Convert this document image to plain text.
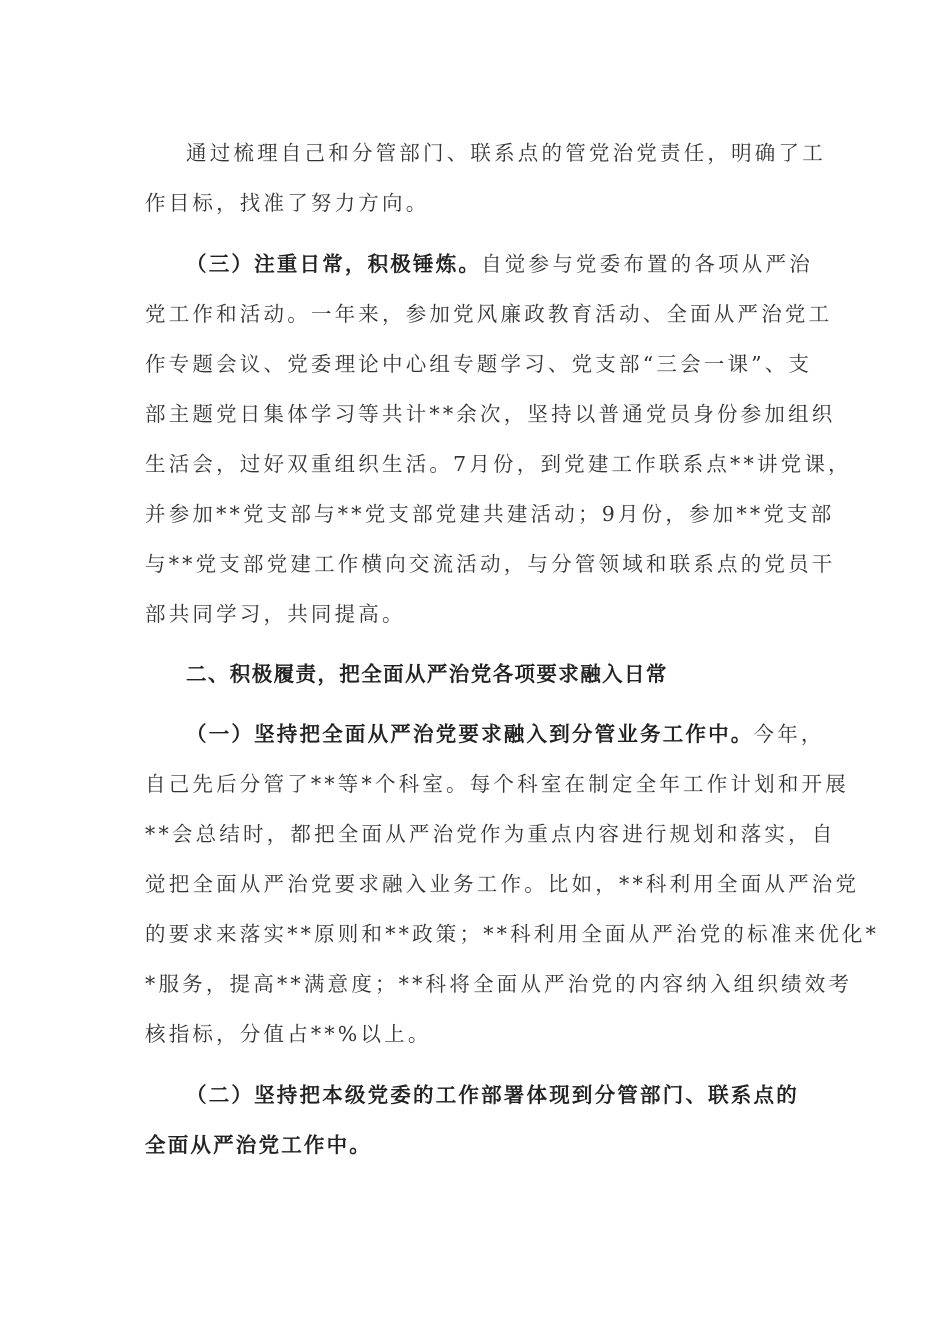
通过梳理自己和分管部门、联系点的管党治党责任，明确了工
作目标，找准了努力方向。
（三）注重日常，积极锤炼。自觉参与党委布置的各项从严治
党工作和活动。一年来，参加党风廉政教育活动、全面从严治党工
作专题会议、党委理论中心组专题学习、党支部“三会一课”、支
部主题党日集体学习等共计**余次，坚持以普通党员身份参加组织
生活会，过好双重组织生活。7月份，到党建工作联系点**讲党课，
并参加**党支部与**党支部党建共建活动；9月份，参加**党支部
与**党支部党建工作横向交流活动，与分管领域和联系点的党员干
部共同学习，共同提高。
二、积极履责，把全面从严治党各项要求融入日常
（一）坚持把全面从严治党要求融入到分管业务工作中。今年，
自己先后分管了**等*个科室。每个科室在制定全年工作计划和开展
**会总结时，都把全面从严治党作为重点内容进行规划和落实，自
觉把全面从严治党要求融入业务工作。比如，**科利用全面从严治党
的要求来落实**原则和**政策；**科利用全面从严治党的标准来优化*
*服务，提高**满意度；**科将全面从严治党的内容纳入组织绩效考
核指标，分值占**%以上。
（二）坚持把本级党委的工作部署体现到分管部门、联系点的
全面从严治党工作中。
